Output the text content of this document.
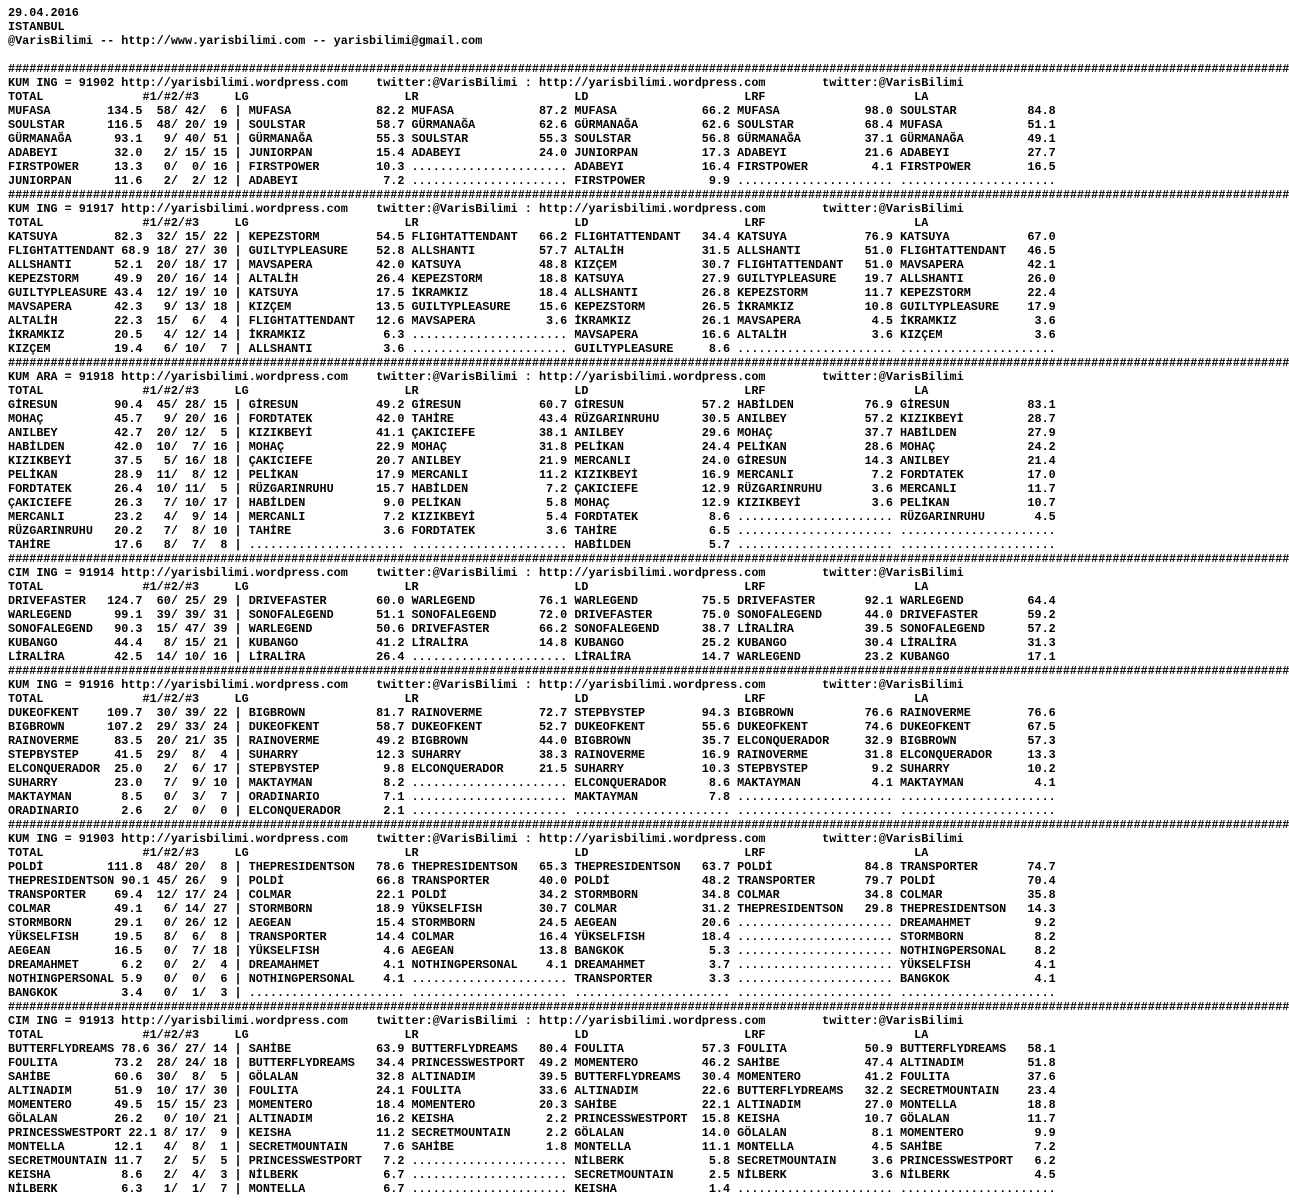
29.04.2016
ISTANBUL
@VarisBilimi -- http://www.yarisbilimi.com -- yarisbilimi@gmail.com

#####################################################################################################################################################################################
KUM ING = 91902 http://yarisbilimi.wordpress.com    twitter:@VarisBilimi : http://yarisbilimi.wordpress.com        twitter:@VarisBilimi
TOTAL              #1/#2/#3     LG                      LR                      LD                      LRF                     LA
MUFASA        134.5  58/ 42/  6 | MUFASA            82.2 MUFASA            87.2 MUFASA            66.2 MUFASA            98.0 SOULSTAR          84.8
SOULSTAR      116.5  48/ 20/ 19 | SOULSTAR          58.7 GÜRMANAĞA         62.6 GÜRMANAĞA         62.6 SOULSTAR          68.4 MUFASA            51.1
GÜRMANAĞA      93.1   9/ 40/ 51 | GÜRMANAĞA         55.3 SOULSTAR          55.3 SOULSTAR          56.8 GÜRMANAĞA         37.1 GÜRMANAĞA         49.1
ADABEYI        32.0   2/ 15/ 15 | JUNIORPAN         15.4 ADABEYI           24.0 JUNIORPAN         17.3 ADABEYI           21.6 ADABEYI           27.7
FIRSTPOWER     13.3   0/  0/ 16 | FIRSTPOWER        10.3 ...................... ADABEYI           16.4 FIRSTPOWER         4.1 FIRSTPOWER        16.5
JUNIORPAN      11.6   2/  2/ 12 | ADABEYI            7.2 ...................... FIRSTPOWER         9.9 ...................... ......................
#####################################################################################################################################################################################
KUM ING = 91917 http://yarisbilimi.wordpress.com    twitter:@VarisBilimi : http://yarisbilimi.wordpress.com        twitter:@VarisBilimi
TOTAL              #1/#2/#3     LG                      LR                      LD                      LRF                     LA
KATSUYA        82.3  32/ 15/ 22 | KEPEZSTORM        54.5 FLIGHTATTENDANT   66.2 FLIGHTATTENDANT   34.4 KATSUYA           76.9 KATSUYA           67.0
FLIGHTATTENDANT 68.9 18/ 27/ 30 | GUILTYPLEASURE    52.8 ALLSHANTI         57.7 ALTALİH           31.5 ALLSHANTI         51.0 FLIGHTATTENDANT   46.5
ALLSHANTI      52.1  20/ 18/ 17 | MAVSAPERA         42.0 KATSUYA           48.8 KIZÇEM            30.7 FLIGHTATTENDANT   51.0 MAVSAPERA         42.1
KEPEZSTORM     49.9  20/ 16/ 14 | ALTALİH           26.4 KEPEZSTORM        18.8 KATSUYA           27.9 GUILTYPLEASURE    19.7 ALLSHANTI         26.0
GUILTYPLEASURE 43.4  12/ 19/ 10 | KATSUYA           17.5 İKRAMKIZ          18.4 ALLSHANTI         26.8 KEPEZSTORM        11.7 KEPEZSTORM        22.4
MAVSAPERA      42.3   9/ 13/ 18 | KIZÇEM            13.5 GUILTYPLEASURE    15.6 KEPEZSTORM        26.5 İKRAMKIZ          10.8 GUILTYPLEASURE    17.9
ALTALİH        22.3  15/  6/  4 | FLIGHTATTENDANT   12.6 MAVSAPERA          3.6 İKRAMKIZ          26.1 MAVSAPERA          4.5 İKRAMKIZ           3.6
İKRAMKIZ       20.5   4/ 12/ 14 | İKRAMKIZ           6.3 ...................... MAVSAPERA         16.6 ALTALİH            3.6 KIZÇEM             3.6
KIZÇEM         19.4   6/ 10/  7 | ALLSHANTI          3.6 ...................... GUILTYPLEASURE     8.6 ...................... ......................
#####################################################################################################################################################################################
KUM ARA = 91918 http://yarisbilimi.wordpress.com    twitter:@VarisBilimi : http://yarisbilimi.wordpress.com        twitter:@VarisBilimi
TOTAL              #1/#2/#3     LG                      LR                      LD                      LRF                     LA
GİRESUN        90.4  45/ 28/ 15 | GİRESUN           49.2 GİRESUN           60.7 GİRESUN           57.2 HABİLDEN          76.9 GİRESUN           83.1
MOHAÇ          45.7   9/ 20/ 16 | FORDTATEK         42.0 TAHİRE            43.4 RÜZGARINRUHU      30.5 ANILBEY           57.2 KIZIKBEYİ         28.7
ANILBEY        42.7  20/ 12/  5 | KIZIKBEYİ         41.1 ÇAKICIEFE         38.1 ANILBEY           29.6 MOHAÇ             37.7 HABİLDEN          27.9
HABİLDEN       42.0  10/  7/ 16 | MOHAÇ             22.9 MOHAÇ             31.8 PELİKAN           24.4 PELİKAN           28.6 MOHAÇ             24.2
KIZIKBEYİ      37.5   5/ 16/ 18 | ÇAKICIEFE         20.7 ANILBEY           21.9 MERCANLI          24.0 GİRESUN           14.3 ANILBEY           21.4
PELİKAN        28.9  11/  8/ 12 | PELİKAN           17.9 MERCANLI          11.2 KIZIKBEYİ         16.9 MERCANLI           7.2 FORDTATEK         17.0
FORDTATEK      26.4  10/ 11/  5 | RÜZGARINRUHU      15.7 HABİLDEN           7.2 ÇAKICIEFE         12.9 RÜZGARINRUHU       3.6 MERCANLI          11.7
ÇAKICIEFE      26.3   7/ 10/ 17 | HABİLDEN           9.0 PELİKAN            5.8 MOHAÇ             12.9 KIZIKBEYİ          3.6 PELİKAN           10.7
MERCANLI       23.2   4/  9/ 14 | MERCANLI           7.2 KIZIKBEYİ          5.4 FORDTATEK          8.6 ...................... RÜZGARINRUHU       4.5
RÜZGARINRUHU   20.2   7/  8/ 10 | TAHİRE             3.6 FORDTATEK          3.6 TAHİRE             6.5 ...................... ......................
TAHİRE         17.6   8/  7/  8 | ...................... ...................... HABİLDEN           5.7 ...................... ......................
#####################################################################################################################################################################################
CIM ING = 91914 http://yarisbilimi.wordpress.com    twitter:@VarisBilimi : http://yarisbilimi.wordpress.com        twitter:@VarisBilimi
TOTAL              #1/#2/#3     LG                      LR                      LD                      LRF                     LA
DRIVEFASTER   124.7  60/ 25/ 29 | DRIVEFASTER       60.0 WARLEGEND         76.1 WARLEGEND         75.5 DRIVEFASTER       92.1 WARLEGEND         64.4
WARLEGEND      99.1  39/ 39/ 31 | SONOFALEGEND      51.1 SONOFALEGEND      72.0 DRIVEFASTER       75.0 SONOFALEGEND      44.0 DRIVEFASTER       59.2
SONOFALEGEND   90.3  15/ 47/ 39 | WARLEGEND         50.6 DRIVEFASTER       66.2 SONOFALEGEND      38.7 LİRALİRA          39.5 SONOFALEGEND      57.2
KUBANGO        44.4   8/ 15/ 21 | KUBANGO           41.2 LİRALİRA          14.8 KUBANGO           25.2 KUBANGO           30.4 LİRALİRA          31.3
LİRALİRA       42.5  14/ 10/ 16 | LİRALİRA          26.4 ...................... LİRALİRA          14.7 WARLEGEND         23.2 KUBANGO           17.1
#####################################################################################################################################################################################
KUM ING = 91916 http://yarisbilimi.wordpress.com    twitter:@VarisBilimi : http://yarisbilimi.wordpress.com        twitter:@VarisBilimi
TOTAL              #1/#2/#3     LG                      LR                      LD                      LRF                     LA
DUKEOFKENT    109.7  30/ 39/ 22 | BIGBROWN          81.7 RAINOVERME        72.7 STEPBYSTEP        94.3 BIGBROWN          76.6 RAINOVERME        76.6
BIGBROWN      107.2  29/ 33/ 24 | DUKEOFKENT        58.7 DUKEOFKENT        52.7 DUKEOFKENT        55.6 DUKEOFKENT        74.6 DUKEOFKENT        67.5
RAINOVERME     83.5  20/ 21/ 35 | RAINOVERME        49.2 BIGBROWN          44.0 BIGBROWN          35.7 ELCONQUERADOR     32.9 BIGBROWN          57.3
STEPBYSTEP     41.5  29/  8/  4 | SUHARRY           12.3 SUHARRY           38.3 RAINOVERME        16.9 RAINOVERME        31.8 ELCONQUERADOR     13.3
ELCONQUERADOR  25.0   2/  6/ 17 | STEPBYSTEP         9.8 ELCONQUERADOR     21.5 SUHARRY           10.3 STEPBYSTEP         9.2 SUHARRY           10.2
SUHARRY        23.0   7/  9/ 10 | MAKTAYMAN          8.2 ...................... ELCONQUERADOR      8.6 MAKTAYMAN          4.1 MAKTAYMAN          4.1
MAKTAYMAN       8.5   0/  3/  7 | ORADINARIO         7.1 ...................... MAKTAYMAN          7.8 ...................... ......................
ORADINARIO      2.6   2/  0/  0 | ELCONQUERADOR      2.1 ...................... ...................... ...................... ......................
#####################################################################################################################################################################################
KUM ING = 91903 http://yarisbilimi.wordpress.com    twitter:@VarisBilimi : http://yarisbilimi.wordpress.com        twitter:@VarisBilimi
TOTAL              #1/#2/#3     LG                      LR                      LD                      LRF                     LA
POLDİ         111.8  48/ 20/  8 | THEPRESIDENTSON   78.6 THEPRESIDENTSON   65.3 THEPRESIDENTSON   63.7 POLDİ             84.8 TRANSPORTER       74.7
THEPRESIDENTSON 90.1 45/ 26/  9 | POLDİ             66.8 TRANSPORTER       40.0 POLDİ             48.2 TRANSPORTER       79.7 POLDİ             70.4
TRANSPORTER    69.4  12/ 17/ 24 | COLMAR            22.1 POLDİ             34.2 STORMBORN         34.8 COLMAR            34.8 COLMAR            35.8
COLMAR         49.1   6/ 14/ 27 | STORMBORN         18.9 YÜKSELFISH        30.7 COLMAR            31.2 THEPRESIDENTSON   29.8 THEPRESIDENTSON   14.3
STORMBORN      29.1   0/ 26/ 12 | AEGEAN            15.4 STORMBORN         24.5 AEGEAN            20.6 ...................... DREAMAHMET         9.2
YÜKSELFISH     19.5   8/  6/  8 | TRANSPORTER       14.4 COLMAR            16.4 YÜKSELFISH        18.4 ...................... STORMBORN          8.2
AEGEAN         16.5   0/  7/ 18 | YÜKSELFISH         4.6 AEGEAN            13.8 BANGKOK            5.3 ...................... NOTHINGPERSONAL    8.2
DREAMAHMET      6.2   0/  2/  4 | DREAMAHMET         4.1 NOTHINGPERSONAL    4.1 DREAMAHMET         3.7 ...................... YÜKSELFISH         4.1
NOTHINGPERSONAL 5.9   0/  0/  6 | NOTHINGPERSONAL    4.1 ...................... TRANSPORTER        3.3 ...................... BANGKOK            4.1
BANGKOK         3.4   0/  1/  3 | ...................... ...................... ...................... ...................... ......................
#####################################################################################################################################################################################
CIM ING = 91913 http://yarisbilimi.wordpress.com    twitter:@VarisBilimi : http://yarisbilimi.wordpress.com        twitter:@VarisBilimi
TOTAL              #1/#2/#3     LG                      LR                      LD                      LRF                     LA
BUTTERFLYDREAMS 78.6 36/ 27/ 14 | SAHİBE            63.9 BUTTERFLYDREAMS   80.4 FOULITA           57.3 FOULITA           50.9 BUTTERFLYDREAMS   58.1
FOULITA        73.2  28/ 24/ 18 | BUTTERFLYDREAMS   34.4 PRINCESSWESTPORT  49.2 MOMENTERO         46.2 SAHİBE            47.4 ALTINADIM         51.8
SAHİBE         60.6  30/  8/  5 | GÖLALAN           32.8 ALTINADIM         39.5 BUTTERFLYDREAMS   30.4 MOMENTERO         41.2 FOULITA           37.6
ALTINADIM      51.9  10/ 17/ 30 | FOULITA           24.1 FOULITA           33.6 ALTINADIM         22.6 BUTTERFLYDREAMS   32.2 SECRETMOUNTAIN    23.4
MOMENTERO      49.5  15/ 15/ 23 | MOMENTERO         18.4 MOMENTERO         20.3 SAHİBE            22.1 ALTINADIM         27.0 MONTELLA          18.8
GÖLALAN        26.2   0/ 10/ 21 | ALTINADIM         16.2 KEISHA             2.2 PRINCESSWESTPORT  15.8 KEISHA            10.7 GÖLALAN           11.7
PRINCESSWESTPORT 22.1 8/ 17/  9 | KEISHA            11.2 SECRETMOUNTAIN     2.2 GÖLALAN           14.0 GÖLALAN            8.1 MOMENTERO          9.9
MONTELLA       12.1   4/  8/  1 | SECRETMOUNTAIN     7.6 SAHİBE             1.8 MONTELLA          11.1 MONTELLA           4.5 SAHİBE             7.2
SECRETMOUNTAIN 11.7   2/  5/  5 | PRINCESSWESTPORT   7.2 ...................... NİLBERK            5.8 SECRETMOUNTAIN     3.6 PRINCESSWESTPORT   6.2
KEISHA          8.6   2/  4/  3 | NİLBERK            6.7 ...................... SECRETMOUNTAIN     2.5 NİLBERK            3.6 NİLBERK            4.5
NİLBERK         6.3   1/  1/  7 | MONTELLA           6.7 ...................... KEISHA             1.4 ...................... ......................
